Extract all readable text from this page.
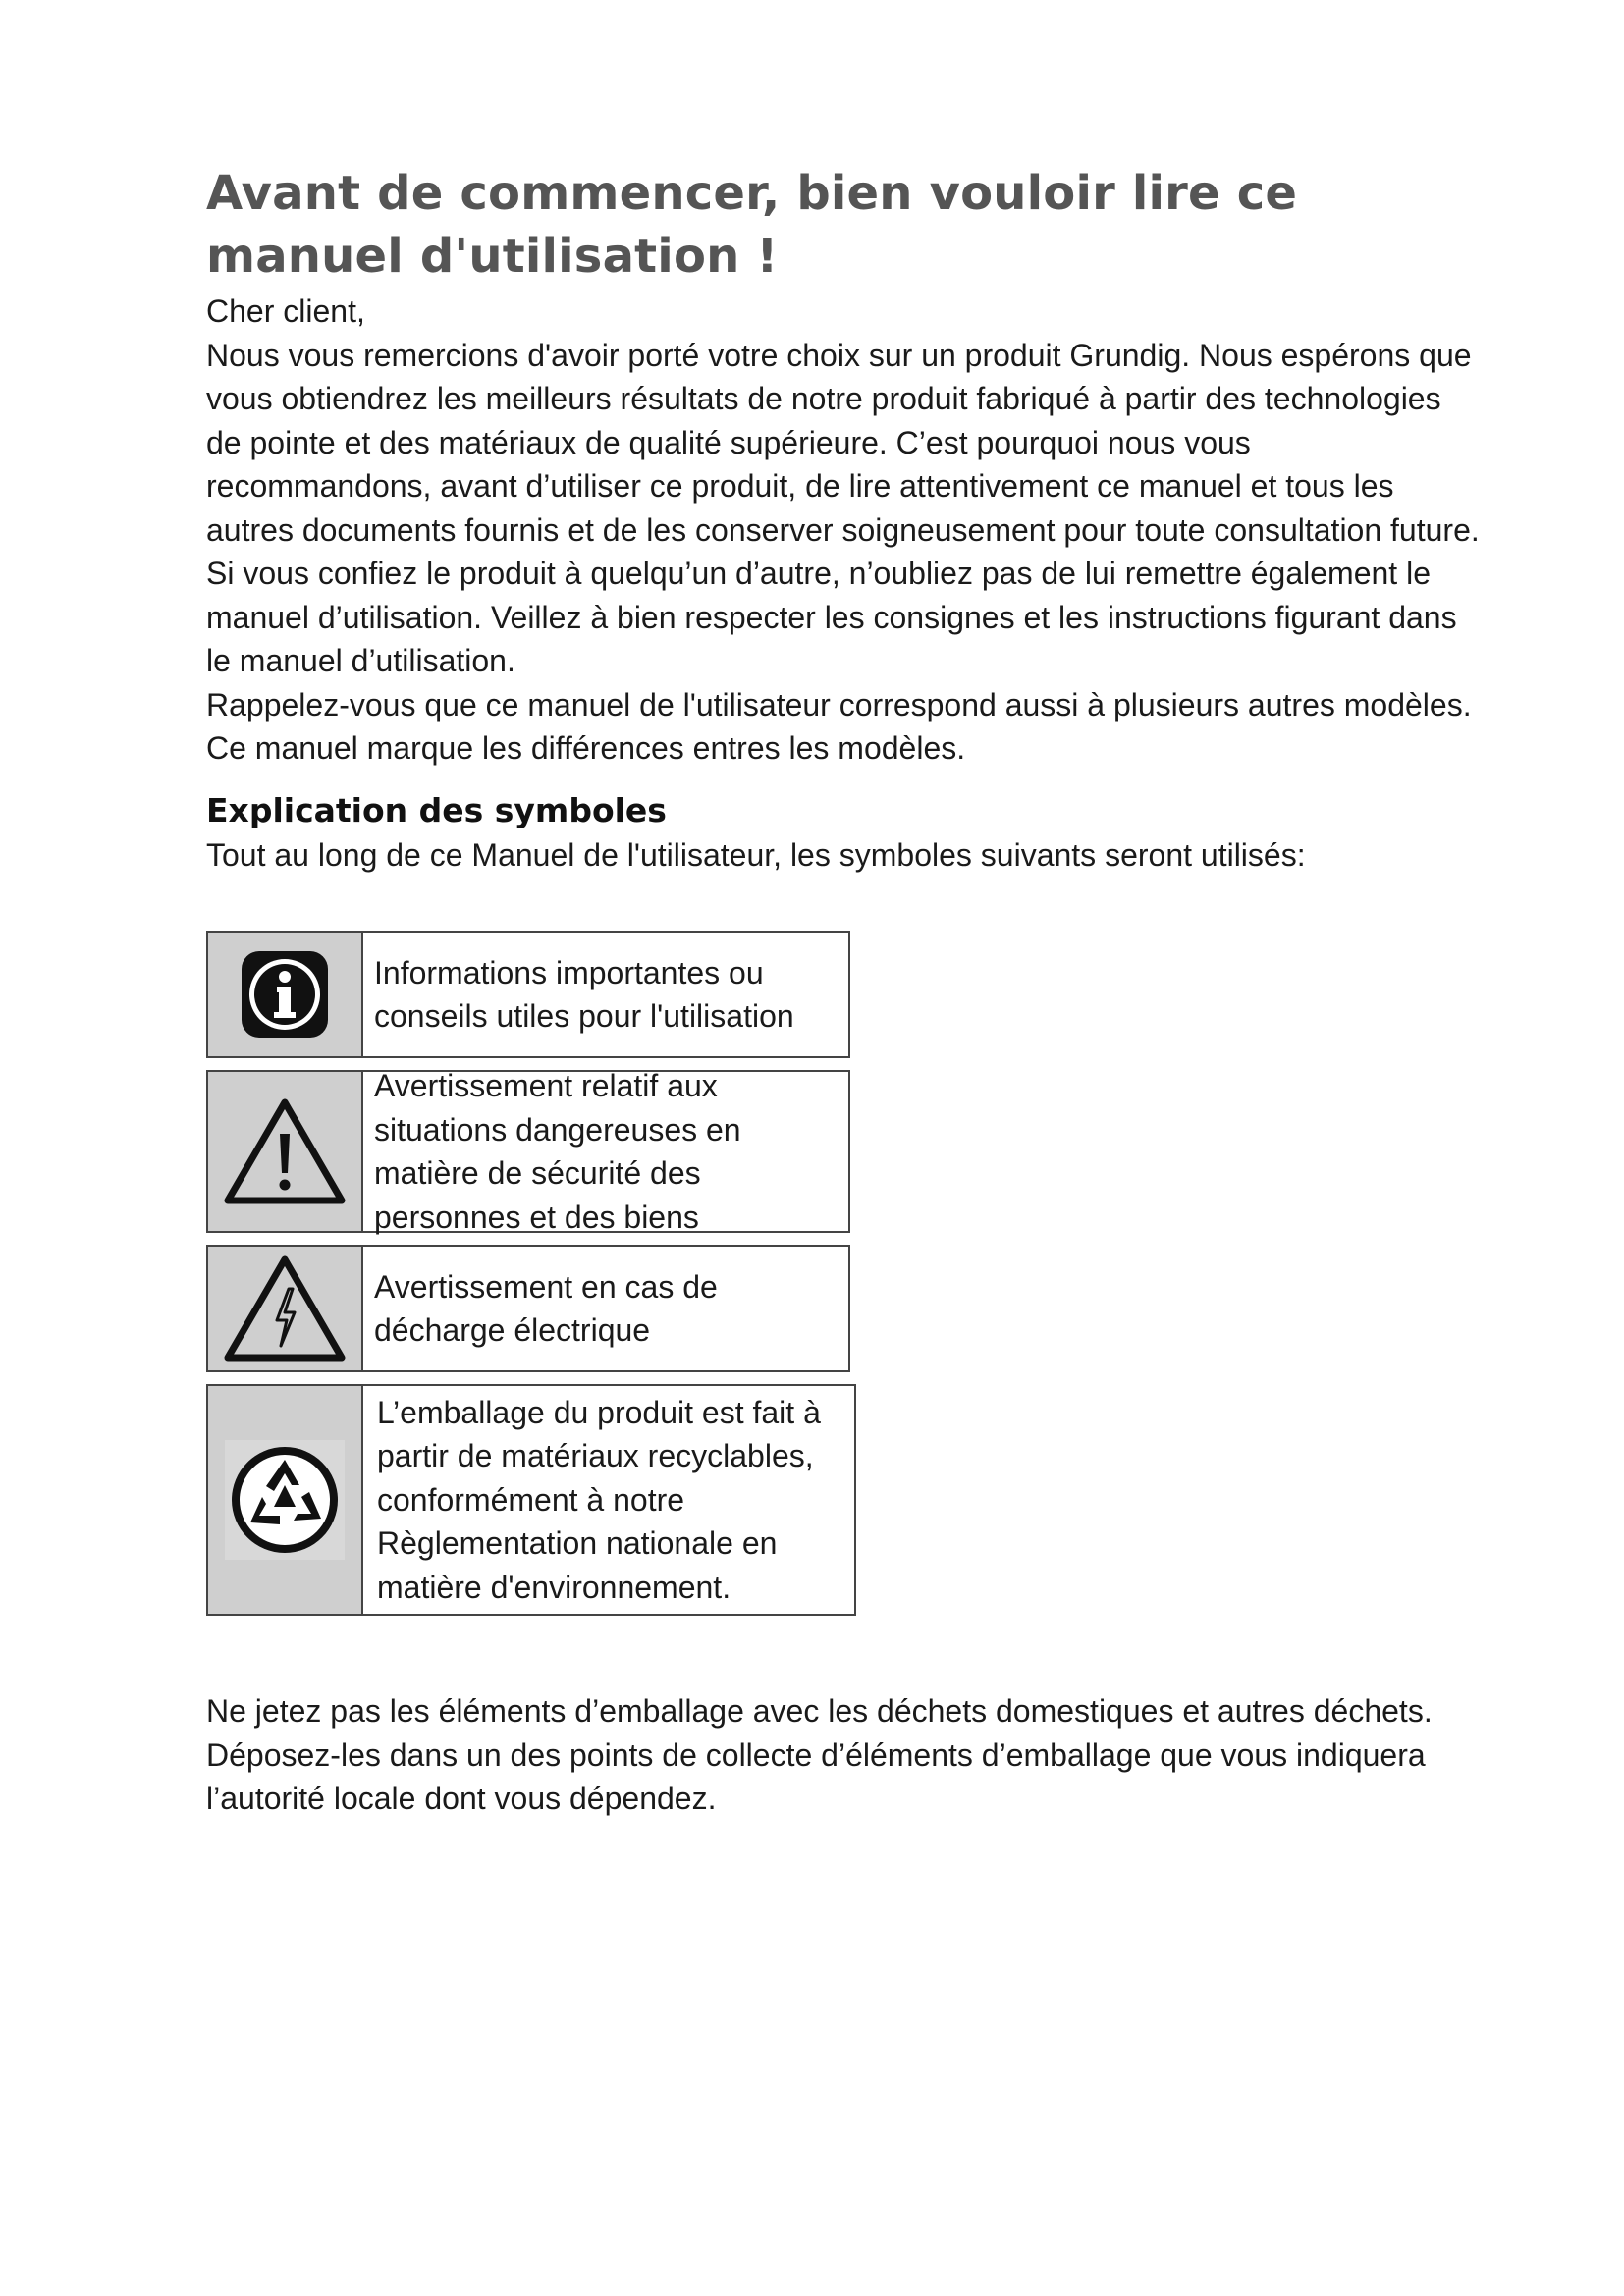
Avant de commencer, bien vouloir lire ce manuel d'utilisation !

Cher client,

Nous vous remercions d'avoir porté votre choix sur un produit Grundig. Nous espérons que vous obtiendrez les meilleurs résultats de notre produit fabriqué à partir des technologies de pointe et des matériaux de qualité supérieure. C’est pourquoi nous vous recommandons, avant d’utiliser ce produit, de lire attentivement ce manuel et tous les autres documents fournis et de les conserver soigneusement pour toute consultation future. Si vous confiez le produit à quelqu’un d’autre, n’oubliez pas de lui remettre également le manuel d’utilisation. Veillez à bien respecter les consignes et les instructions figurant dans le manuel d’utilisation.

Rappelez-vous que ce manuel de l'utilisateur correspond aussi à plusieurs autres modèles. Ce manuel marque les différences entres les modèles.

Explication des symboles

Tout au long de ce Manuel de l'utilisateur, les symboles suivants seront utilisés:

Informations importantes ou conseils utiles pour l'utilisation
Avertissement relatif aux situations dangereuses en matière de sécurité des personnes et des biens
Avertissement en cas de décharge électrique
L’emballage du produit est fait à partir de matériaux recyclables, conformément à notre Règlementation nationale en matière d'environnement.

Ne jetez pas les éléments d’emballage avec les déchets domestiques et autres déchets. Déposez-les dans un des points de collecte d’éléments d’emballage que vous indiquera l’autorité locale dont vous dépendez.
